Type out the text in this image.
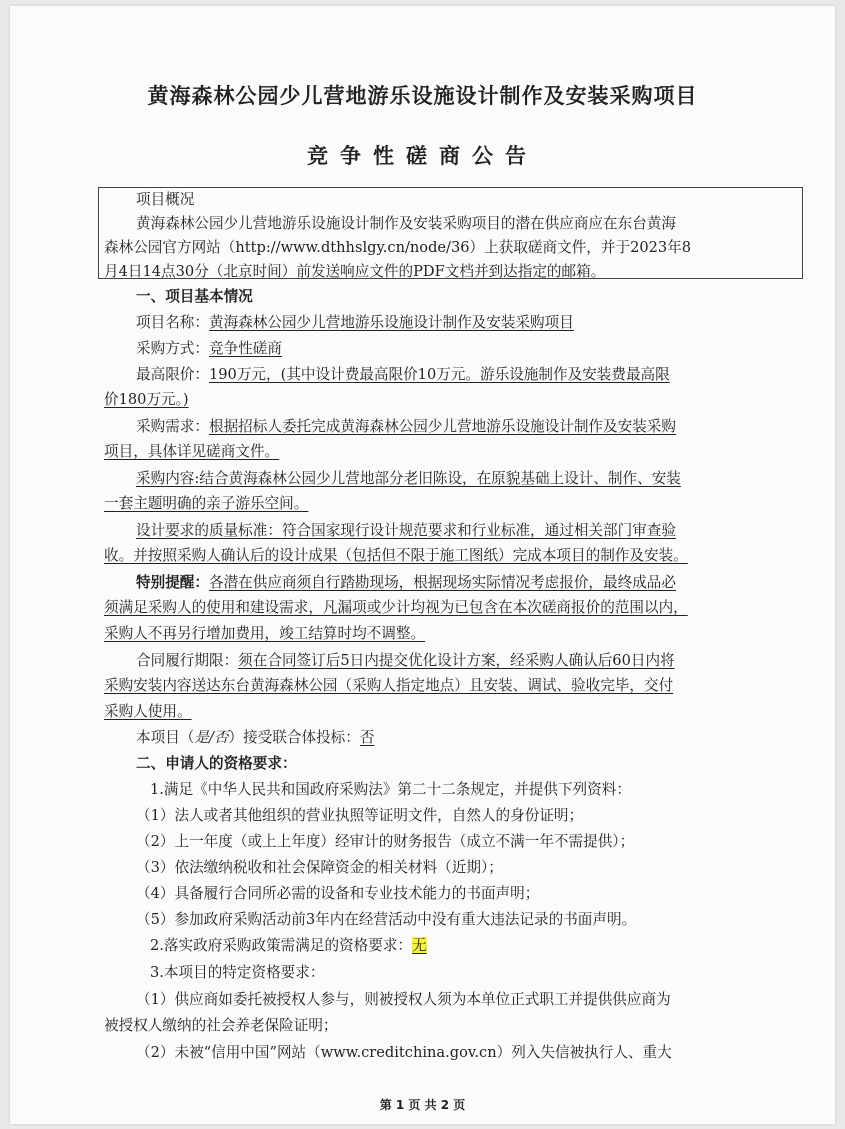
黄海森林公园少儿营地游乐设施设计制作及安装采购项目
竞争性磋商公告
项目概况
黄海森林公园少儿营地游乐设施设计制作及安装采购项目的潜在供应商应在东台黄海
森林公园官方网站（http://www.dthhslgy.cn/node/36）上获取磋商文件，并于2023年8
月4日14点30分（北京时间）前发送响应文件的PDF文档并到达指定的邮箱。
一、项目基本情况
项目名称：黄海森林公园少儿营地游乐设施设计制作及安装采购项目
采购方式：竞争性磋商
最高限价：190万元，(其中设计费最高限价10万元。游乐设施制作及安装费最高限
价180万元。)
采购需求：根据招标人委托完成黄海森林公园少儿营地游乐设施设计制作及安装采购
项目，具体详见磋商文件。
采购内容:结合黄海森林公园少儿营地部分老旧陈设，在原貌基础上设计、制作、安装
一套主题明确的亲子游乐空间。
设计要求的质量标准：符合国家现行设计规范要求和行业标准，通过相关部门审查验
收。并按照采购人确认后的设计成果（包括但不限于施工图纸）完成本项目的制作及安装。
特别提醒：各潜在供应商须自行踏勘现场，根据现场实际情况考虑报价，最终成品必
须满足采购人的使用和建设需求，凡漏项或少计均视为已包含在本次磋商报价的范围以内，
采购人不再另行增加费用，竣工结算时均不调整。
合同履行期限：须在合同签订后5日内提交优化设计方案，经采购人确认后60日内将
采购安装内容送达东台黄海森林公园（采购人指定地点）且安装、调试、验收完毕，交付
采购人使用。
本项目（是/否）接受联合体投标：否
二、申请人的资格要求：
1.满足《中华人民共和国政府采购法》第二十二条规定，并提供下列资料：
（1）法人或者其他组织的营业执照等证明文件，自然人的身份证明；
（2）上一年度（或上上年度）经审计的财务报告（成立不满一年不需提供）；
（3）依法缴纳税收和社会保障资金的相关材料（近期）；
（4）具备履行合同所必需的设备和专业技术能力的书面声明；
（5）参加政府采购活动前3年内在经营活动中没有重大违法记录的书面声明。
2.落实政府采购政策需满足的资格要求：无
3.本项目的特定资格要求：
（1）供应商如委托被授权人参与，则被授权人须为本单位正式职工并提供供应商为
被授权人缴纳的社会养老保险证明；
（2）未被“信用中国”网站（www.creditchina.gov.cn）列入失信被执行人、重大
第 1 页 共 2 页
